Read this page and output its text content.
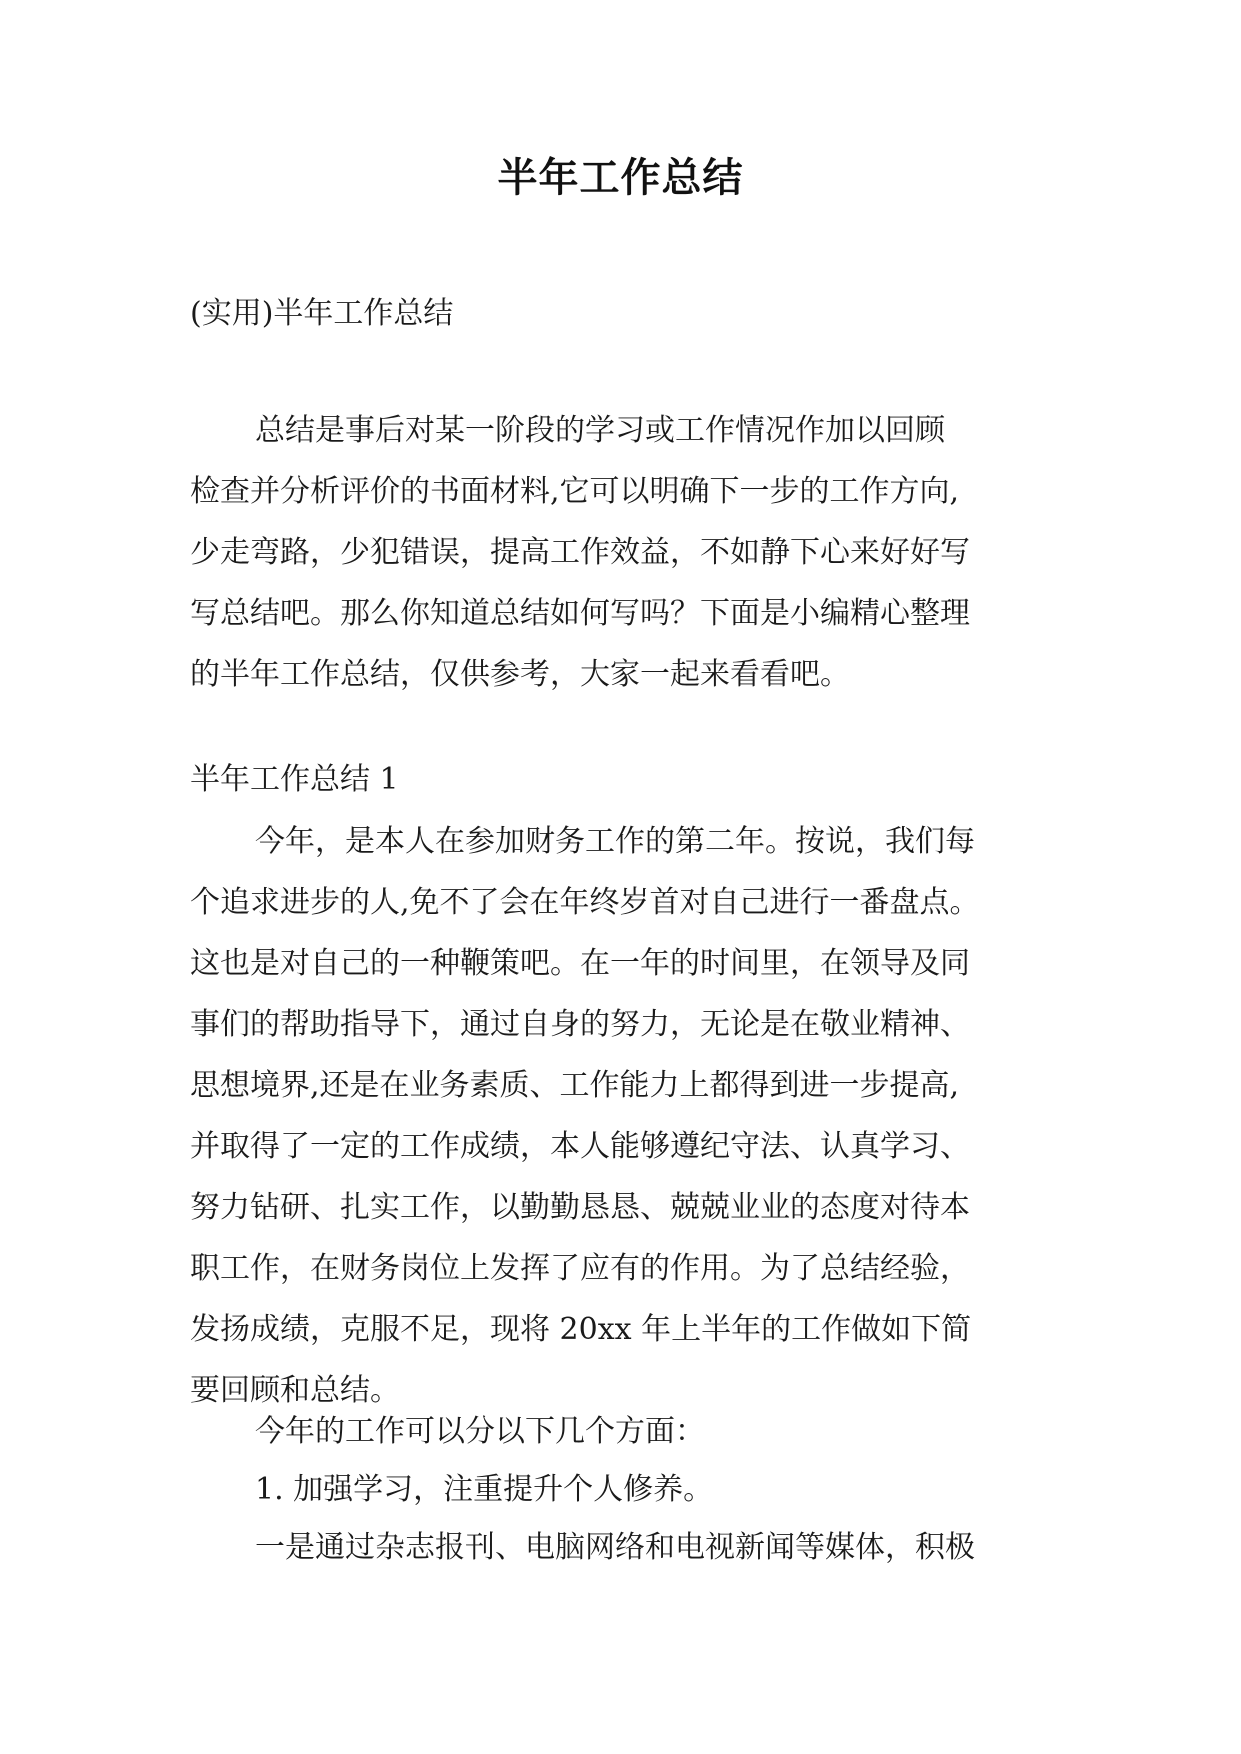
半年工作总结
(实用)半年工作总结

总结是事后对某一阶段的学习或工作情况作加以回顾
检查并分析评价的书面材料,它可以明确下一步的工作方向,
少走弯路，少犯错误，提高工作效益，不如静下心来好好写
写总结吧。那么你知道总结如何写吗？下面是小编精心整理
的半年工作总结，仅供参考，大家一起来看看吧。

半年工作总结 1

今年，是本人在参加财务工作的第二年。按说，我们每
个追求进步的人,免不了会在年终岁首对自己进行一番盘点。
这也是对自己的一种鞭策吧。在一年的时间里，在领导及同
事们的帮助指导下，通过自身的努力，无论是在敬业精神、
思想境界,还是在业务素质、工作能力上都得到进一步提高,
并取得了一定的工作成绩，本人能够遵纪守法、认真学习、
努力钻研、扎实工作，以勤勤恳恳、兢兢业业的态度对待本
职工作，在财务岗位上发挥了应有的作用。为了总结经验，
发扬成绩，克服不足，现将 20xx 年上半年的工作做如下简
要回顾和总结。

今年的工作可以分以下几个方面：

1. 加强学习，注重提升个人修养。

一是通过杂志报刊、电脑网络和电视新闻等媒体，积极
